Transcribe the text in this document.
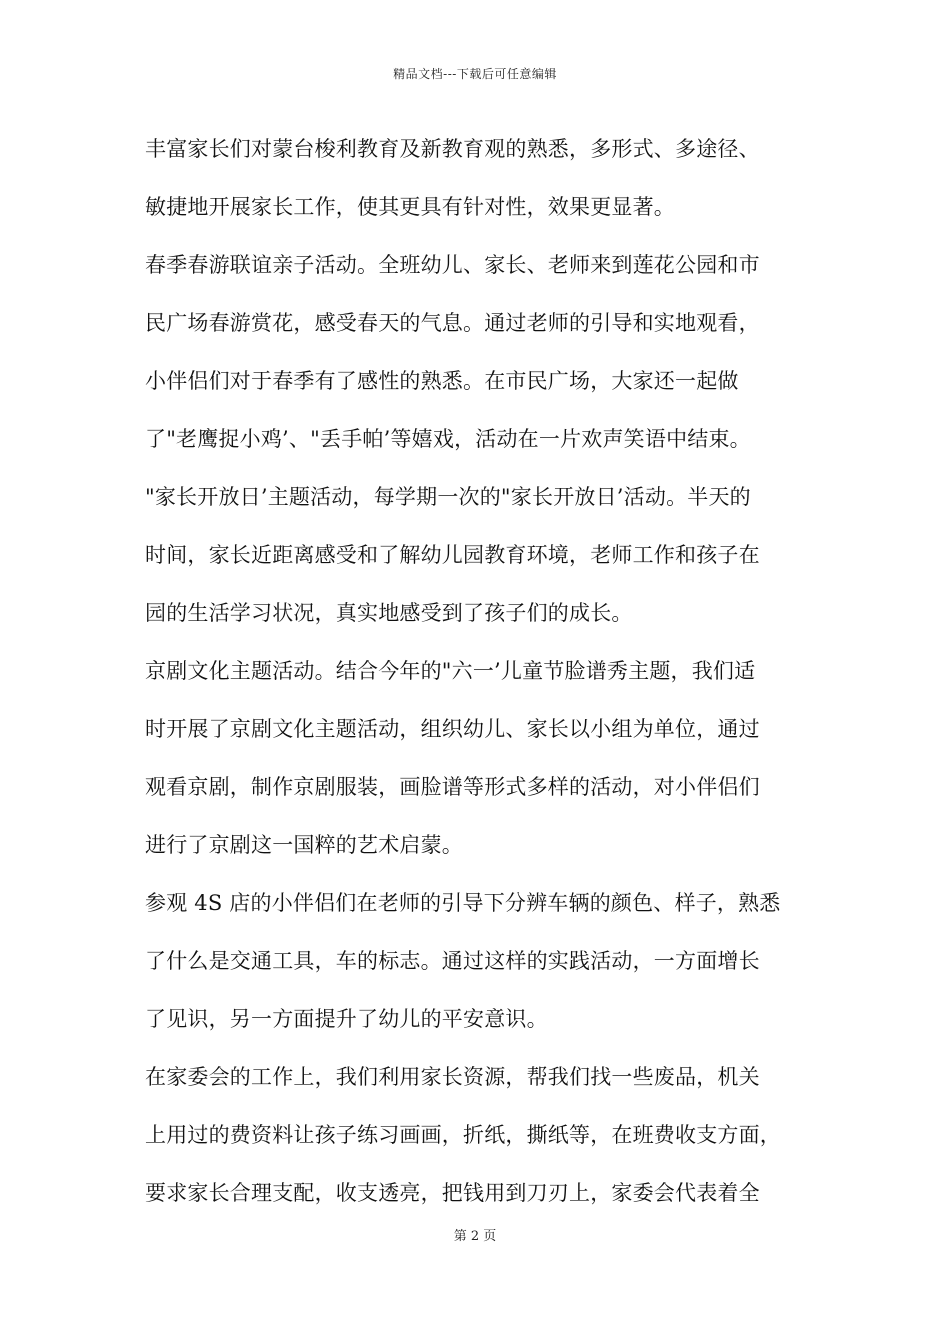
精品文档---下载后可任意编辑
丰富家长们对蒙台梭利教育及新教育观的熟悉，多形式、多途径、
敏捷地开展家长工作，使其更具有针对性，效果更显著。
春季春游联谊亲子活动。全班幼儿、家长、老师来到莲花公园和市
民广场春游赏花，感受春天的气息。通过老师的引导和实地观看，
小伴侣们对于春季有了感性的熟悉。在市民广场，大家还一起做
了"老鹰捉小鸡’、"丢手帕’等嬉戏，活动在一片欢声笑语中结束。
"家长开放日’主题活动，每学期一次的"家长开放日’活动。半天的
时间，家长近距离感受和了解幼儿园教育环境，老师工作和孩子在
园的生活学习状况，真实地感受到了孩子们的成长。
京剧文化主题活动。结合今年的"六一’儿童节脸谱秀主题，我们适
时开展了京剧文化主题活动，组织幼儿、家长以小组为单位，通过
观看京剧，制作京剧服装，画脸谱等形式多样的活动，对小伴侣们
进行了京剧这一国粹的艺术启蒙。
参观 4S 店的小伴侣们在老师的引导下分辨车辆的颜色、样子，熟悉
了什么是交通工具，车的标志。通过这样的实践活动，一方面增长
了见识，另一方面提升了幼儿的平安意识。
在家委会的工作上，我们利用家长资源，帮我们找一些废品，机关
上用过的费资料让孩子练习画画，折纸，撕纸等，在班费收支方面，
要求家长合理支配，收支透亮，把钱用到刀刃上，家委会代表着全
第 2 页
